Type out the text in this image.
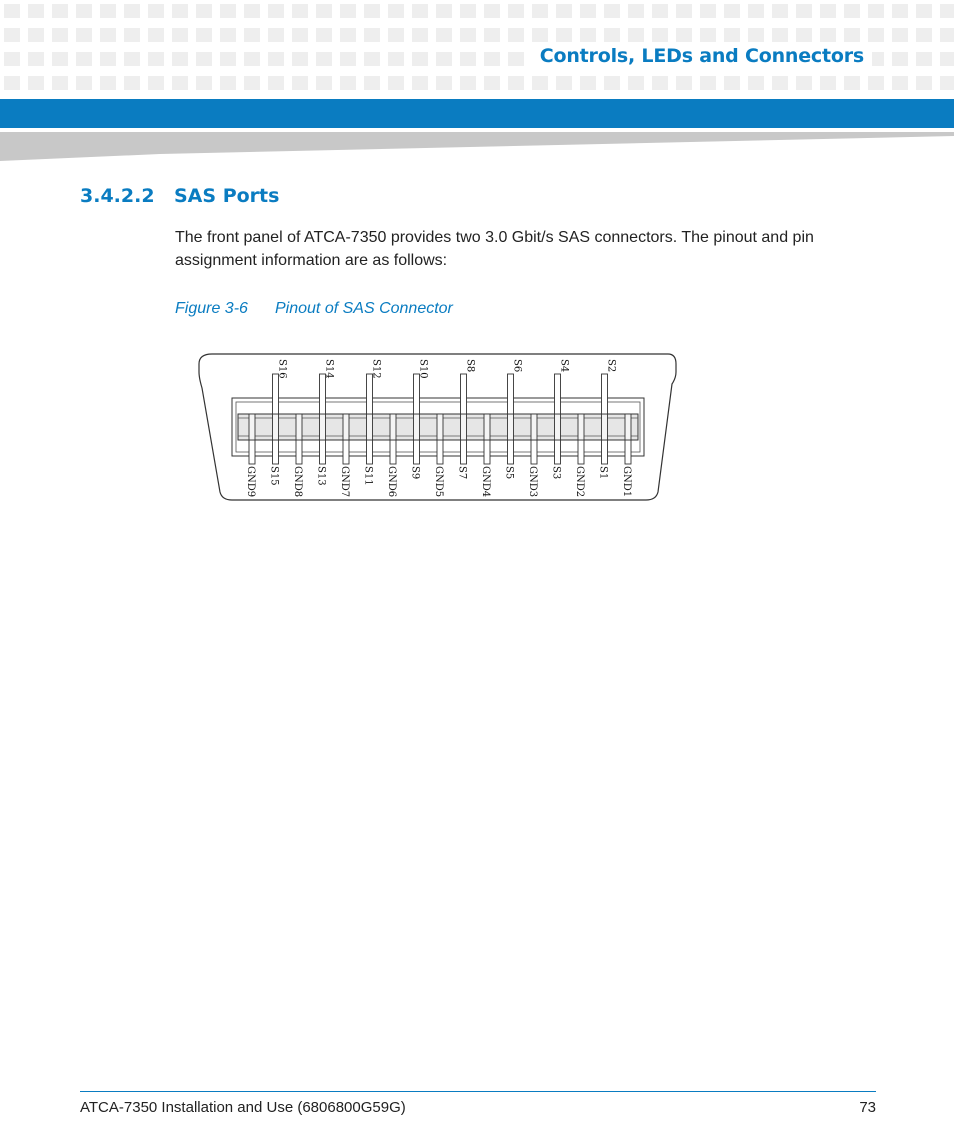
Controls, LEDs and Connectors
3.4.2.2 SAS Ports

The front panel of ATCA-7350 provides two 3.0 Gbit/s SAS connectors. The pinout and pin assignment information are as follows:

Figure 3-6 Pinout of SAS Connector
GND9 S15 GND8 S13 GND7 S11 GND6 S9 GND5 S7 GND4 S5 GND3 S3 GND2 S1 GND1
S16	S14	S12	S10	S8	S6	S4	S2
ATCA-7350 Installation and Use (6806800G59G)	73
